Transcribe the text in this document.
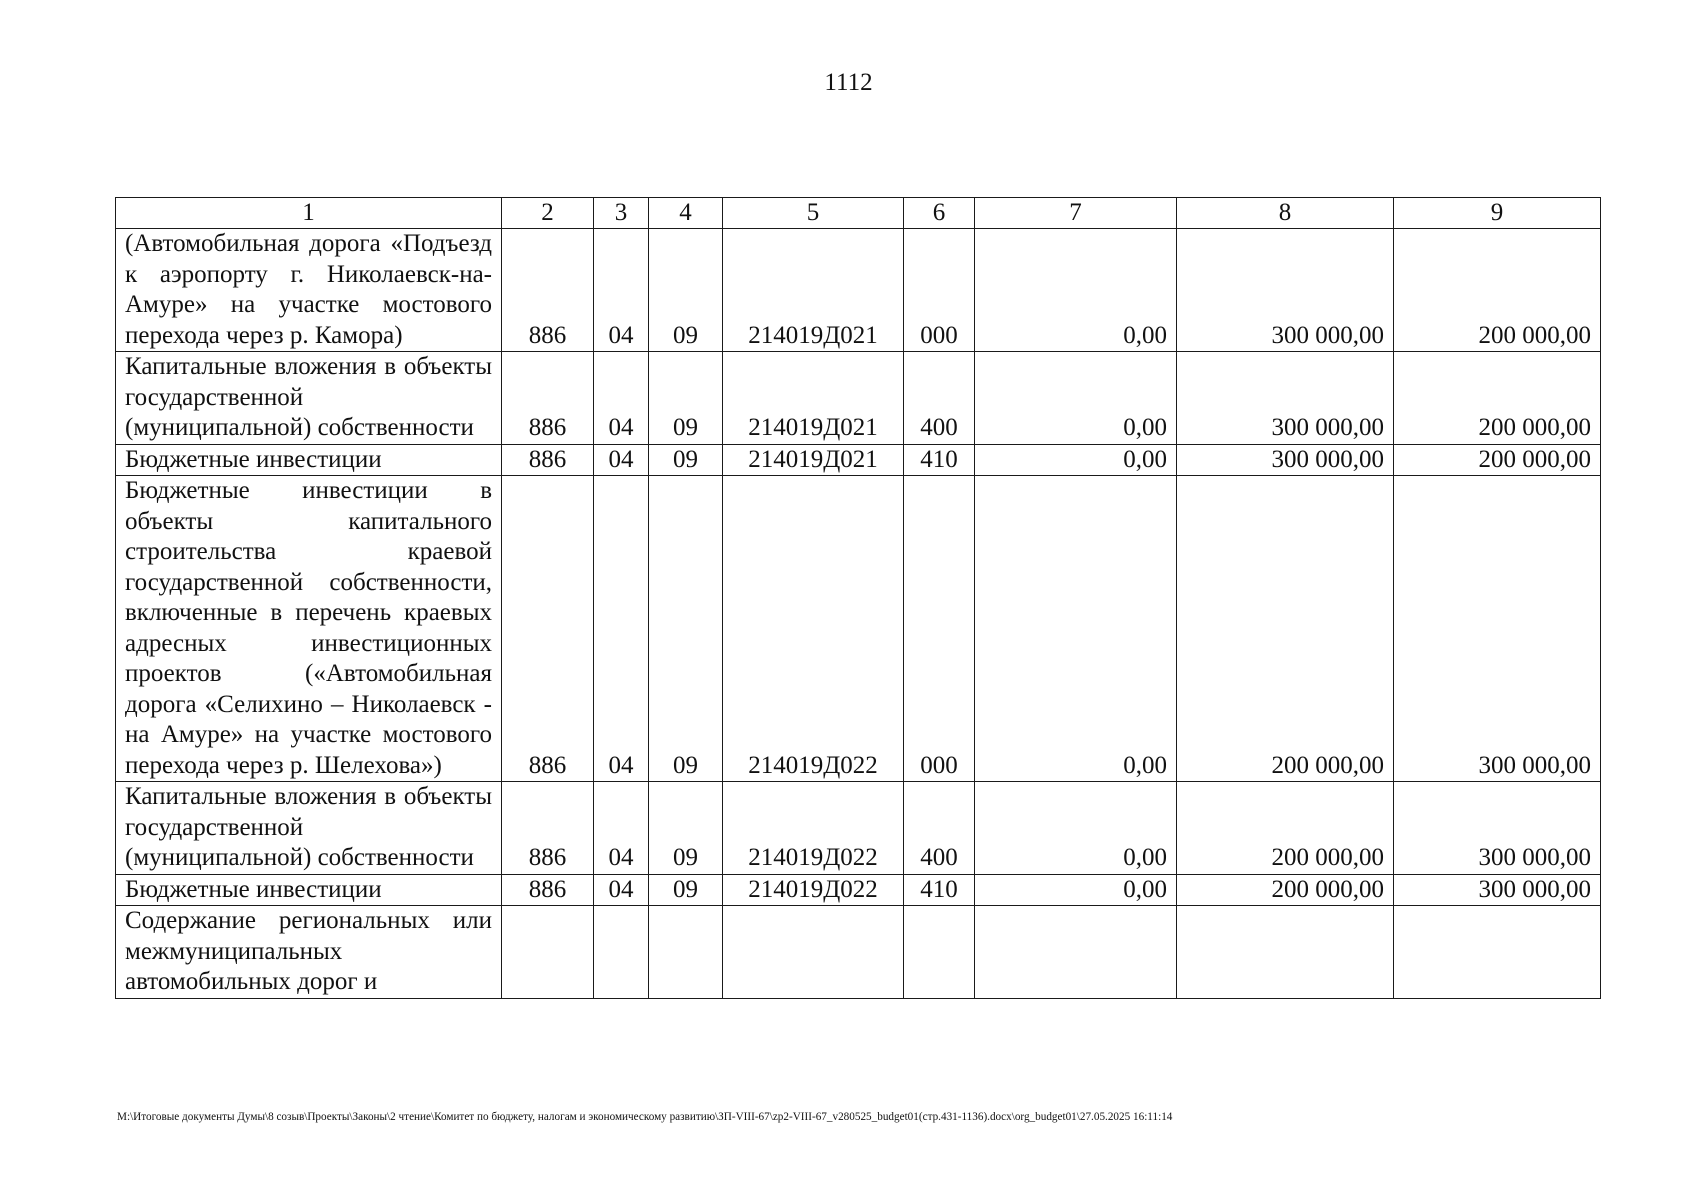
1112
1	2	3	4	5	6	7	8	9
(Автомобильная дорога «Подъезд к аэропорту г. Николаевск-на-Амуре» на участке мостового перехода через р. Камора)	886	04	09	214019Д021	000	0,00	300 000,00	200 000,00
Капитальные вложения в объекты государственной (муниципальной) собственности	886	04	09	214019Д021	400	0,00	300 000,00	200 000,00
Бюджетные инвестиции	886	04	09	214019Д021	410	0,00	300 000,00	200 000,00
Бюджетные инвестиции в объекты капитального строительства краевой государственной собственности, включенные в перечень краевых адресных инвестиционных проектов («Автомобильная дорога «Селихино – Николаевск - на Амуре» на участке мостового перехода через р. Шелехова»)	886	04	09	214019Д022	000	0,00	200 000,00	300 000,00
Капитальные вложения в объекты государственной (муниципальной) собственности	886	04	09	214019Д022	400	0,00	200 000,00	300 000,00
Бюджетные инвестиции	886	04	09	214019Д022	410	0,00	200 000,00	300 000,00
Содержание региональных или межмуниципальных автомобильных дорог и								
M:\Итоговые документы Думы\8 созыв\Проекты\Законы\2 чтение\Комитет по бюджету, налогам и экономическому развитию\ЗП-VIII-67\zp2-VIII-67_v280525_budget01(стр.431-1136).docx\org_budget01\27.05.2025 16:11:14
